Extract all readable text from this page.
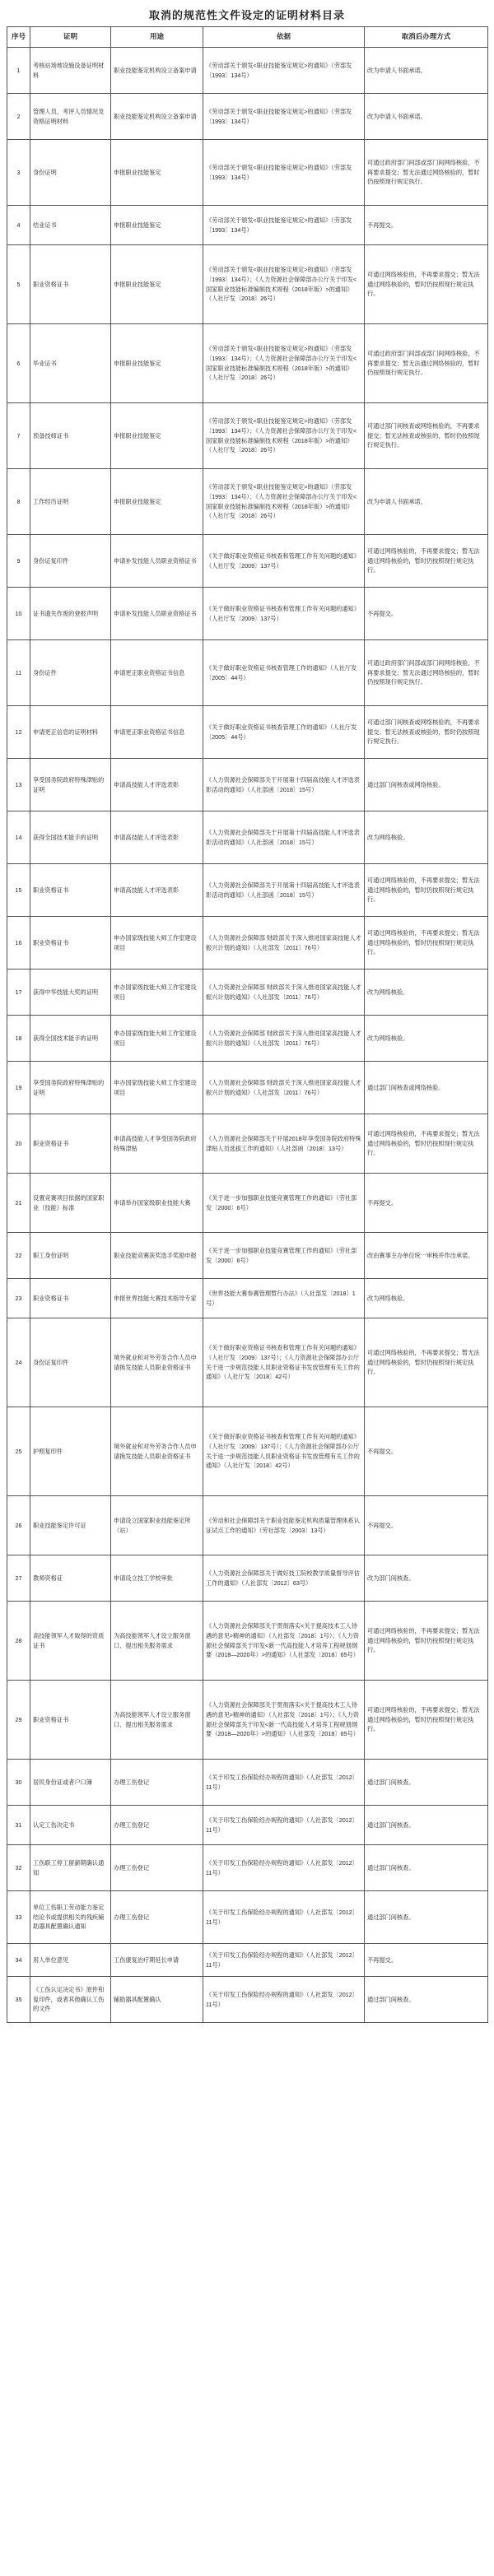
取消的规范性文件设定的证明材料目录
序号	证明	用途	依据	取消后办理方式
1	考核站场地设施设备证明材料	职业技能鉴定机构设立备案申请	《劳动部关于颁发<职业技能鉴定规定>的通知》（劳部发〔1993〕134号）	改为申请人书面承诺。
2	管理人员、考评人员情况及资格证明材料	职业技能鉴定机构设立备案申请	《劳动部关于颁发<职业技能鉴定规定>的通知》（劳部发〔1993〕134号）	改为申请人书面承诺。
3	身份证明	申报职业技能鉴定	《劳动部关于颁发<职业技能鉴定规定>的通知》（劳部发〔1993〕134号）	可通过政府部门间部或部门间网络核验，不再要求提交；暂无法通过网络核验的，暂时仍按照现行规定执行。
4	结业证书	申报职业技能鉴定	《劳动部关于颁发<职业技能鉴定规定>的通知》（劳部发〔1993〕134号）	不再提交。
5	职业资格证书	申报职业技能鉴定	《劳动部关于颁发<职业技能鉴定规定>的通知》（劳部发〔1993〕134号）；《人力资源社会保障部办公厅关于印发<国家职业技能标准编制技术规程（2018年版）>的通知》（人社厅发〔2018〕26号）	可通过网络核验的，不再要求提交；暂无法通过网络核验的，暂时仍按照现行规定执行。
6	毕业证书	申报职业技能鉴定	《劳动部关于颁发<职业技能鉴定规定>的通知》（劳部发〔1993〕134号）；《人力资源社会保障部办公厅关于印发<国家职业技能标准编制技术规程（2018年版）>的通知》（人社厅发〔2018〕26号）	可通过政府部门间部或部门间网络核验，不再要求提交；暂无法通过网络核验的，暂时仍按照现行规定执行。
7	预备技师证书	申报职业技能鉴定	《劳动部关于颁发<职业技能鉴定规定>的通知》（劳部发〔1993〕134号）；《人力资源社会保障部办公厅关于印发<国家职业技能标准编制技术规程（2018年版）>的通知》（人社厅发〔2018〕26号）	可通过部门间核查或网络核验的，不再要求提交；暂无法核查或核验的，暂时仍按照现行规定执行。
8	工作经历证明	申报职业技能鉴定	《劳动部关于颁发<职业技能鉴定规定>的通知》（劳部发〔1993〕134号）；《人力资源社会保障部办公厅关于印发<国家职业技能标准编制技术规程（2018年版）>的通知》（人社厅发〔2018〕26号）	改为申请人书面承诺。
9	身份证复印件	申请补发技能人员职业资格证书	《关于做好职业资格证书核查和管理工作有关问题的通知》（人社厅发〔2009〕137号）	可通过网络核验的，不再要求提交；暂无法通过网络核验的，暂时仍按照现行规定执行。
10	证书遗失作废的登报声明	申请补发技能人员职业资格证书	《关于做好职业资格证书核查和管理工作有关问题的通知》（人社厅发〔2009〕137号）	不再提交。
11	身份证件	申请更正职业资格证书信息	《关于做好职业资格证书核查管理工作的通知》（人社厅发〔2005〕44号）	可通过政府部门间部或部门间网络核验，不再要求提交；暂无法通过网络核验的，暂时仍按照现行规定执行。
12	申请更正信息的证明材料	申请更正职业资格证书信息	《关于做好职业资格证书核查管理工作的通知》（人社厅发〔2005〕44号）	可通过部门间核查或网络核验的，不再要求提交；暂无法核查或核验的，暂时仍按照现行规定执行。
13	享受国务院政府特殊津贴的证明	申请高技能人才评选表彰	《人力资源社会保障部关于开展第十四届高技能人才评选表彰活动的通知》（人社部函〔2018〕15号）	通过部门间核查或网络核验。
14	获得全国技术能手的证明	申请高技能人才评选表彰	《人力资源社会保障部关于开展第十四届高技能人才评选表彰活动的通知》（人社部函〔2018〕15号）	改为网络核验。
15	职业资格证书	申请高技能人才评选表彰	《人力资源社会保障部关于开展第十四届高技能人才评选表彰活动的通知》（人社部函〔2018〕15号）	可通过网络核验的，不再要求提交；暂无法通过网络核验的，暂时仍按照现行规定执行。
16	职业资格证书	申办国家级技能大师工作室建设项目	《人力资源社会保障部 财政部关于深入推进国家高技能人才振兴计划的通知》（人社部发〔2011〕76号）	可通过网络核验的，不再要求提交；暂无法通过网络核验的，暂时仍按照现行规定执行。
17	获得中华技能大奖的证明	申办国家级技能大师工作室建设项目	《人力资源社会保障部 财政部关于深入推进国家高技能人才振兴计划的通知》（人社部发〔2011〕76号）	改为网络核验。
18	获得全国技术能手的证明	申办国家级技能大师工作室建设项目	《人力资源社会保障部 财政部关于深入推进国家高技能人才振兴计划的通知》（人社部发〔2011〕76号）	改为网络核验。
19	享受国务院政府特殊津贴的证明	申办国家级技能大师工作室建设项目	《人力资源社会保障部 财政部关于深入推进国家高技能人才振兴计划的通知》（人社部发〔2011〕76号）	通过部门间核查或网络核验。
20	职业资格证书	申请高技能人才享受国务院政府特殊津贴	《人力资源社会保障部关于开展2018年享受国务院政府特殊津贴人员选拔工作的通知》（人社部函〔2018〕13号）	可通过网络核验的，不再要求提交；暂无法通过网络核验的，暂时仍按照现行规定执行。
21	设置竞赛项目依据的国家职业（技能）标准	申请举办国家级职业技能大赛	《关于进一步加强职业技能竞赛管理工作的通知》（劳社部发〔2000〕6号）	不再提交。
22	职工身份证明	职业技能竞赛获奖选手奖励申报	《关于进一步加强职业技能竞赛管理工作的通知》（劳社部发〔2000〕6号）	改由赛事主办单位统一审核并作出承诺。
23	职业资格证书	申报世界技能大赛技术指导专家	《世界技能大赛参赛管理暂行办法》（人社部发〔2018〕1号）	改为网络核验。
24	身份证复印件	境外就业和对外劳务合作人员申请换发技能人员职业资格证书	《关于做好职业资格证书核查和管理工作有关问题的通知》（人社厅发〔2009〕137号）；《人力资源社会保障部办公厅关于进一步规范技能人员职业资格证书发放管理有关工作的通知》（人社厅发〔2018〕42号）	可通过网络核验的，不再要求提交；暂无法通过网络核验的，暂时仍按照现行规定执行。
25	护照复印件	境外就业和对外劳务合作人员申请换发技能人员职业资格证书	《关于做好职业资格证书核查和管理工作有关问题的通知》（人社厅发〔2009〕137号）；《人力资源社会保障部办公厅关于进一步规范技能人员职业资格证书发放管理有关工作的通知》（人社厅发〔2018〕42号）	不再提交。
26	职业技能鉴定许可证	申请设立国家职业技能鉴定所（站）	《劳动和社会保障部关于职业技能鉴定机构质量管理体系认证试点工作的通知》（劳社部发〔2003〕13号）	不再提交。
27	教师资格证	申请设立技工学校审批	《人力资源社会保障部关于做好技工院校教学质量督导评估工作的通知》（人社部发〔2012〕63号）	改为部门间核查。
28	高技能领军人才取得的资质证书	为高技能领军人才设立服务窗口、提出相关服务需求	《人力资源社会保障部关于贯彻落实<关于提高技术工人待遇的意见>精神的通知》（人社部发〔2018〕1号）；《人力资源社会保障部关于印发<新一代高技能人才培养工程规划纲要（2018—2020年）>的通知》（人社部发〔2018〕65号）	可通过网络核验的，不再要求提交；暂无法通过网络核验的，暂时仍按照现行规定执行。
29	职业资格证书	为高技能领军人才设立服务窗口、提出相关服务需求	《人力资源社会保障部关于贯彻落实<关于提高技术工人待遇的意见>精神的通知》（人社部发〔2018〕1号）；《人力资源社会保障部关于印发<新一代高技能人才培养工程规划纲要（2018—2020年）>的通知》（人社部发〔2018〕65号）	可通过网络核验的，不再要求提交；暂无法通过网络核验的，暂时仍按照现行规定执行。
30	居民身份证或者户口簿	办理工伤登记	《关于印发工伤保险经办规程的通知》（人社部发〔2012〕11号）	通过部门间核查。
31	认定工伤决定书	办理工伤登记	《关于印发工伤保险经办规程的通知》（人社部发〔2012〕11号）	通过部门间核查。
32	工伤职工停工留薪期确认通知	办理工伤登记	《关于印发工伤保险经办规程的通知》（人社部发〔2012〕11号）	通过部门间核查。
33	单位工伤职工劳动能力鉴定结论书或提供相关的残疾辅助器具配置确认通知	办理工伤登记	《关于印发工伤保险经办规程的通知》（人社部发〔2012〕11号）	通过部门间核查。
34	用人单位意见	工伤康复治疗期延长申请	《关于印发工伤保险经办规程的通知》（人社部发〔2012〕11号）	不再提交。
35	《工伤认定决定书》原件和复印件，或者其他确认工伤的文件	辅助器具配置确认	《关于印发工伤保险经办规程的通知》（人社部发〔2012〕11号）	通过部门间核查。
